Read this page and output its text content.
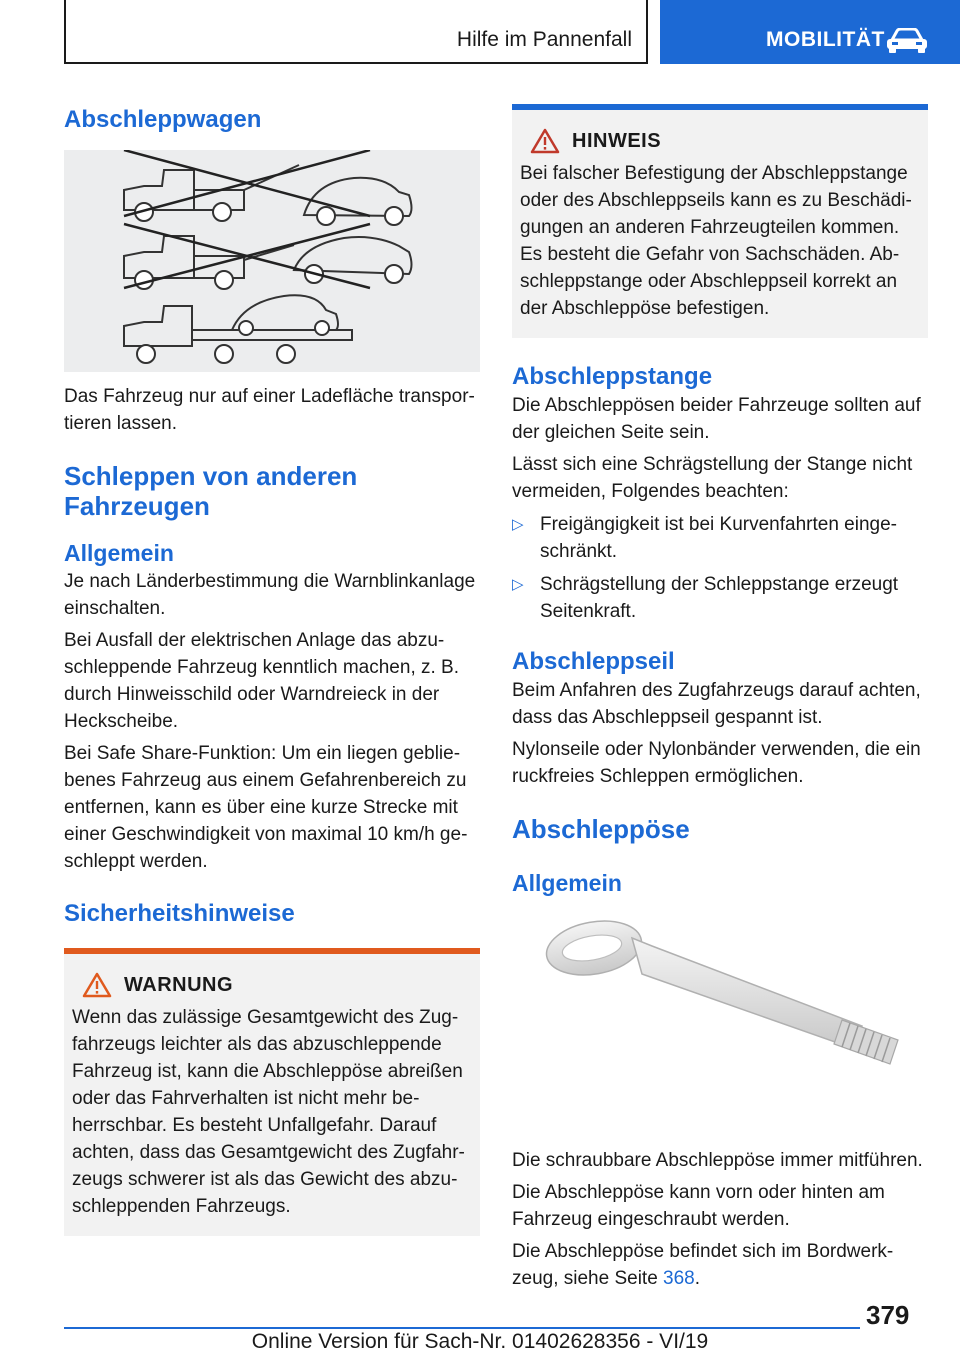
Hilfe im Pannenfall	MOBILITÄT
Abschleppwagen

Das Fahrzeug nur auf einer Ladefläche transpor-tieren lassen.

Schleppen von anderen Fahrzeugen
Allgemein

Je nach Länderbestimmung die Warnblinkanlage einschalten.

Bei Ausfall der elektrischen Anlage das abzu-schleppende Fahrzeug kenntlich machen, z. B. durch Hinweisschild oder Warndreieck in der Heckscheibe.

Bei Safe Share-Funktion: Um ein liegen geblie-benes Fahrzeug aus einem Gefahrenbereich zu entfernen, kann es über eine kurze Strecke mit einer Geschwindigkeit von maximal 10 km/h ge-schleppt werden.

Sicherheitshinweise
WARNUNG

Wenn das zulässige Gesamtgewicht des Zug-fahrzeugs leichter als das abzuschleppende Fahrzeug ist, kann die Abschleppöse abreißen oder das Fahrverhalten ist nicht mehr be-herrschbar. Es besteht Unfallgefahr. Darauf achten, dass das Gesamtgewicht des Zugfahr-zeugs schwerer ist als das Gewicht des abzu-schleppenden Fahrzeugs.

HINWEIS

Bei falscher Befestigung der Abschleppstange oder des Abschleppseils kann es zu Beschädi-gungen an anderen Fahrzeugteilen kommen. Es besteht die Gefahr von Sachschäden. Ab-schleppstange oder Abschleppseil korrekt an der Abschleppöse befestigen.

Abschleppstange

Die Abschleppösen beider Fahrzeuge sollten auf der gleichen Seite sein.

Lässt sich eine Schrägstellung der Stange nicht vermeiden, Folgendes beachten:

▷ Freigängigkeit ist bei Kurvenfahrten einge-schränkt.

▷ Schrägstellung der Schleppstange erzeugt Seitenkraft.

Abschleppseil

Beim Anfahren des Zugfahrzeugs darauf achten, dass das Abschleppseil gespannt ist.

Nylonseile oder Nylonbänder verwenden, die ein ruckfreies Schleppen ermöglichen.

Abschleppöse
Allgemein

Die schraubbare Abschleppöse immer mitführen.

Die Abschleppöse kann vorn oder hinten am Fahrzeug eingeschraubt werden.

Die Abschleppöse befindet sich im Bordwerk-zeug, siehe Seite 368.

379
Online Version für Sach-Nr. 01402628356 - VI/19
